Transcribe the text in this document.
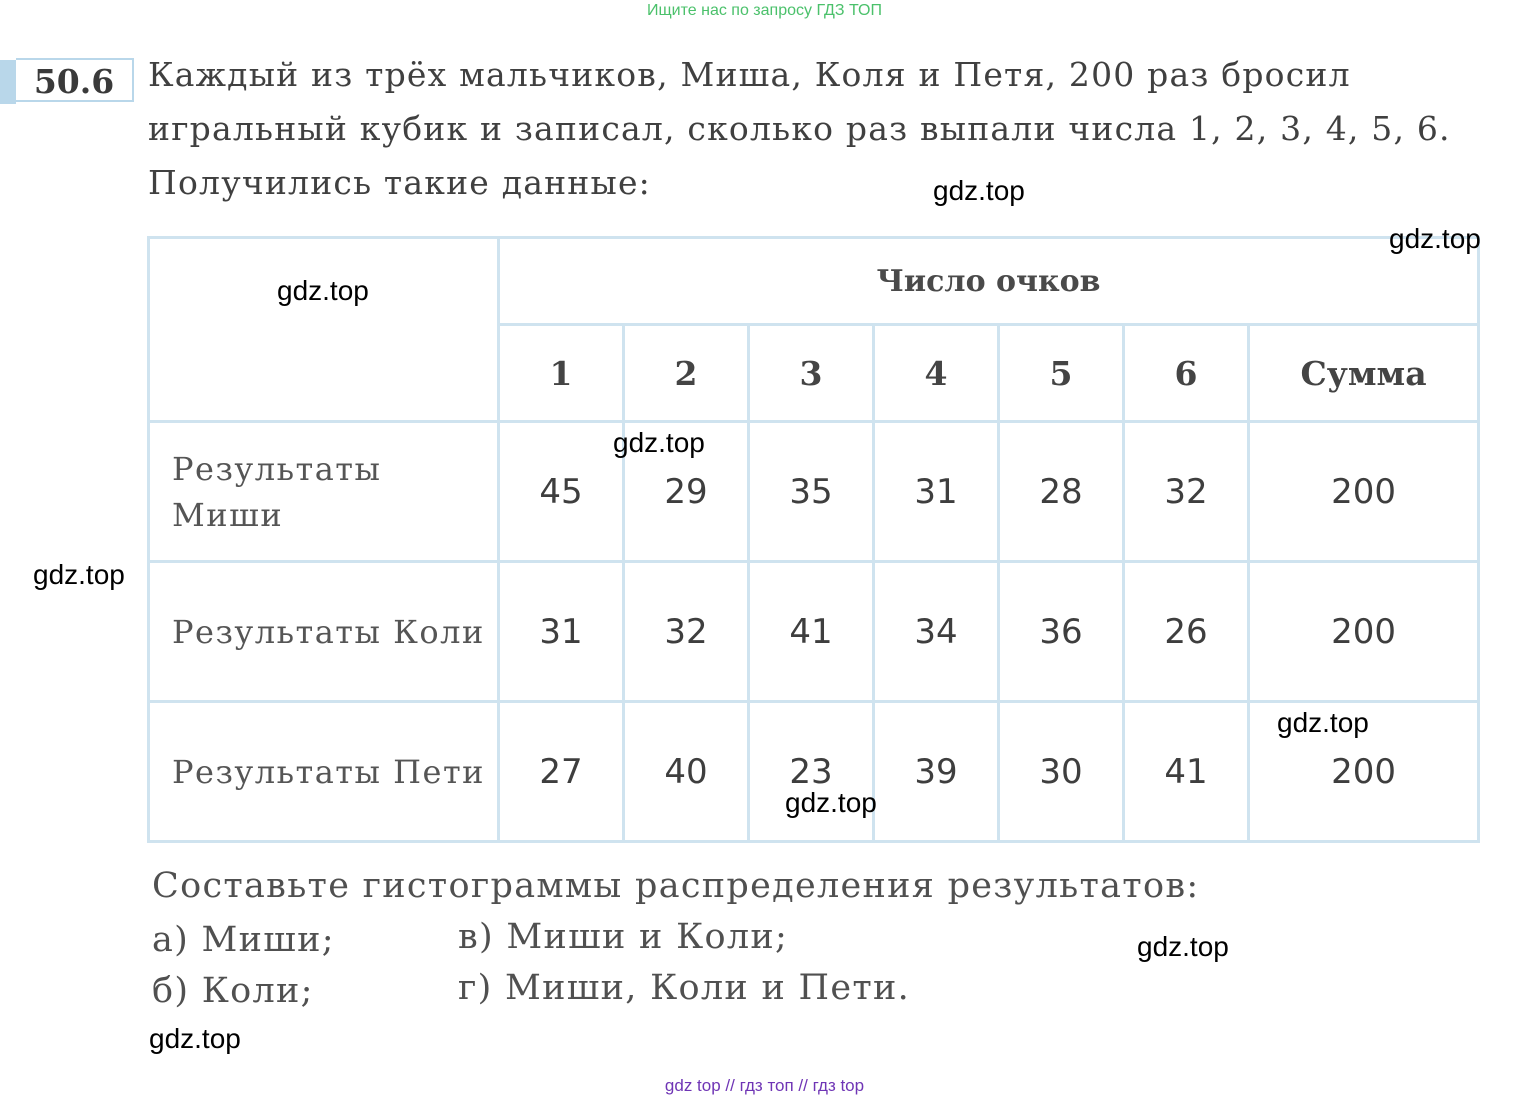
Ищите нас по запросу ГДЗ ТОП
50.6	Каждый из трёх мальчиков, Миша, Коля и Петя, 200 раз бросил игральный кубик и записал, сколько раз выпали числа 1, 2, 3, 4, 5, 6. Получились такие данные:

	Число очков						
	1	2	3	4	5	6	Сумма
Результаты Миши	45	29	35	31	28	32	200
Результаты Коли	31	32	41	34	36	26	200
Результаты Пети	27	40	23	39	30	41	200

Составьте гистограммы распределения результатов:

а) Миши;
б) Коли;
в) Миши и Коли;
г) Миши, Коли и Пети.
gdz.top
gdz.top
gdz.top
gdz.top
gdz.top
gdz.top
gdz.top
gdz.top
gdz.top
gdz top // гдз топ // гдз top
